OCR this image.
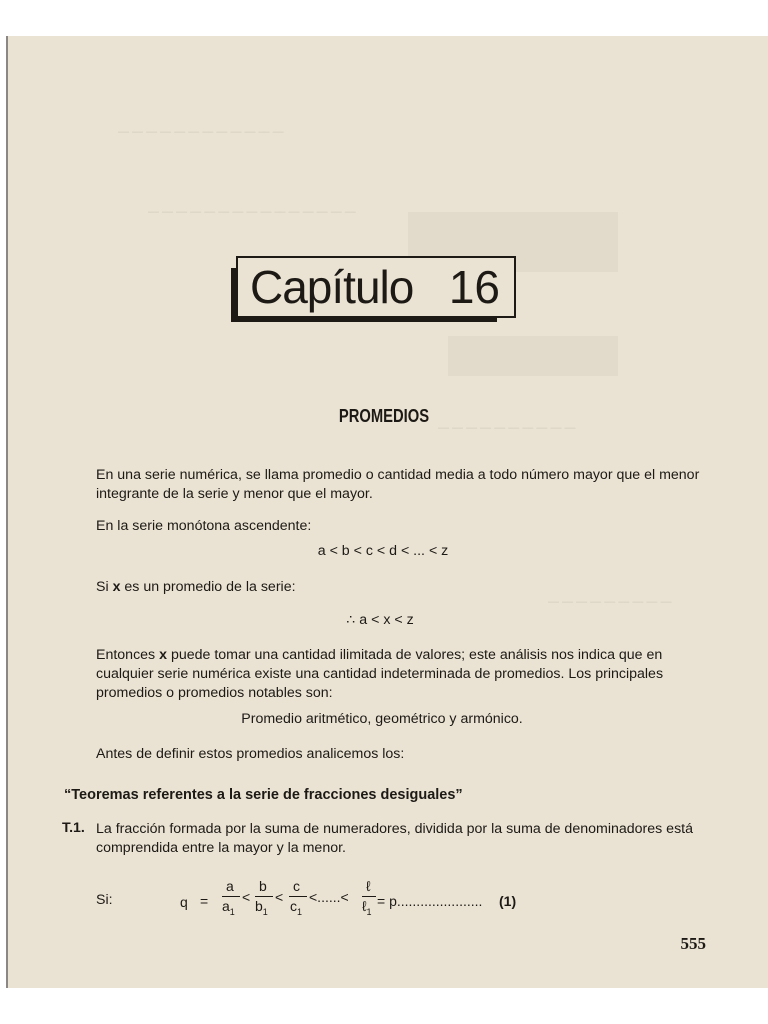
— — — — — — — — — — — —
— — — — — — — — — — — — — — —
— — — — — — — — — —
— — — — — — — — —
Capítulo 16
PROMEDIOS
En una serie numérica, se llama promedio o cantidad media a todo número mayor que el menor integrante de la serie y menor que el mayor.
En la serie monótona ascendente:
a < b < c < d < ... < z
Si x es un promedio de la serie:
∴ a < x < z
Entonces x puede tomar una cantidad ilimitada de valores; este análisis nos indica que en cualquier serie numérica existe una cantidad indeterminada de promedios. Los principales promedios o promedios notables son:
Promedio aritmético, geométrico y armónico.
Antes de definir estos promedios analicemos los:
“Teoremas referentes a la serie de fracciones desiguales”
T.1. La fracción formada por la suma de numeradores, dividida por la suma de denominadores está comprendida entre la mayor y la menor.
Si:	q =
a
$a_1$
<
b
$b_1$
<
c
$c_1$
<......<
ℓ
ℓ$_1$
= p...................... (1)
555
